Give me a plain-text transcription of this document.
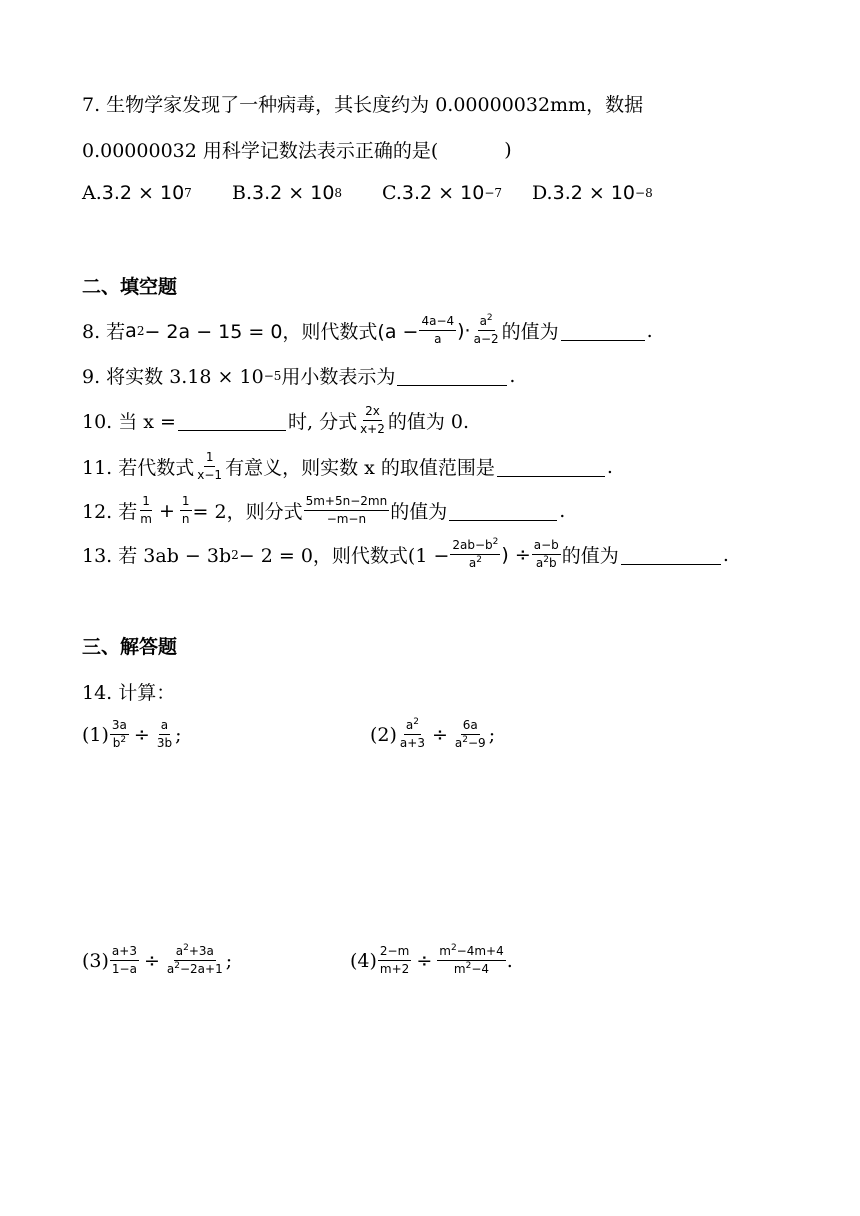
7. 生物学家发现了一种病毒，其长度约为 0.00000032mm，数据
0.00000032 用科学记数法表示正确的是(	)
A. 3.2 × 10 7 B. 3.2 × 10 8 C. 3.2 × 10 −7 D. 3.2 × 10 −8
二、填空题
8. 若 a 2 − 2a − 15 = 0，则代数式($a - \frac{4a-4}{a}$ )· $\frac{a^2}{a-2}$ 的值为	.
9. 将实数 3.18 × 10 −5 用小数表示为	.
10. 当 x =	时, 分式 $\frac{2x}{x+2}$ 的值为 0.
11. 若代数式 $\frac{1}{x-1}$ 有意义，则实数 x 的取值范围是	.
12. 若 $\frac{1}{m} + \frac{1}{n} = 2$，则分式 $\frac{5m+5n-2mn}{-m-n}$ 的值为	.
13. 若 3ab − 3b 2 − 2 = 0，则代数式($1 - \frac{2ab-b^2}{a^2}$ ) ÷ $\frac{a-b}{a^2b}$ 的值为	.
三、解答题
14. 计算：
$(1) \frac{3a}{b^2} \div \frac{a}{3b}$ ;	$(2) \frac{a^2}{a+3} \div \frac{6a}{a^2-9}$ ;
$(3) \frac{a+3}{1-a} \div \frac{a^2+3a}{a^2-2a+1}$ ;	$(4) \frac{2-m}{m+2} \div \frac{m^2-4m+4}{m^2-4}$ .
